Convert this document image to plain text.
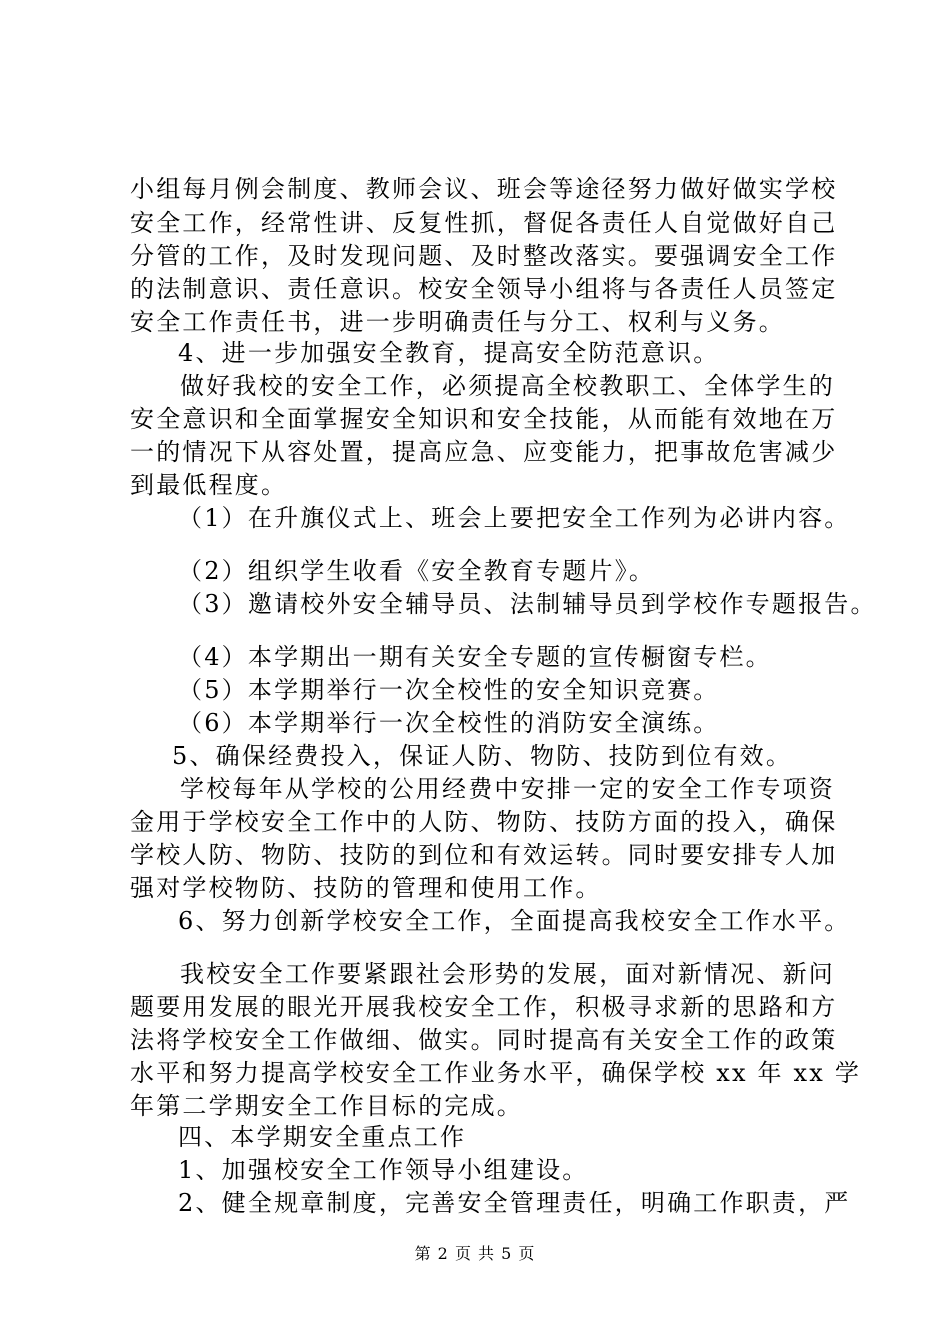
小组每月例会制度、教师会议、班会等途径努力做好做实学校
安全工作，经常性讲、反复性抓，督促各责任人自觉做好自己
分管的工作，及时发现问题、及时整改落实。要强调安全工作
的法制意识、责任意识。校安全领导小组将与各责任人员签定
安全工作责任书，进一步明确责任与分工、权利与义务。
4、进一步加强安全教育，提高安全防范意识。
做好我校的安全工作，必须提高全校教职工、全体学生的
安全意识和全面掌握安全知识和安全技能，从而能有效地在万
一的情况下从容处置，提高应急、应变能力，把事故危害减少
到最低程度。
（1）在升旗仪式上、班会上要把安全工作列为必讲内容。
（2）组织学生收看《安全教育专题片》。
（3）邀请校外安全辅导员、法制辅导员到学校作专题报告。
（4）本学期出一期有关安全专题的宣传橱窗专栏。
（5）本学期举行一次全校性的安全知识竞赛。
（6）本学期举行一次全校性的消防安全演练。
5、确保经费投入，保证人防、物防、技防到位有效。
学校每年从学校的公用经费中安排一定的安全工作专项资
金用于学校安全工作中的人防、物防、技防方面的投入，确保
学校人防、物防、技防的到位和有效运转。同时要安排专人加
强对学校物防、技防的管理和使用工作。
6、努力创新学校安全工作，全面提高我校安全工作水平。
我校安全工作要紧跟社会形势的发展，面对新情况、新问
题要用发展的眼光开展我校安全工作，积极寻求新的思路和方
法将学校安全工作做细、做实。同时提高有关安全工作的政策
水平和努力提高学校安全工作业务水平，确保学校 xx 年 xx 学
年第二学期安全工作目标的完成。
四、本学期安全重点工作
1、加强校安全工作领导小组建设。
2、健全规章制度，完善安全管理责任，明确工作职责，严
第 2 页 共 5 页
